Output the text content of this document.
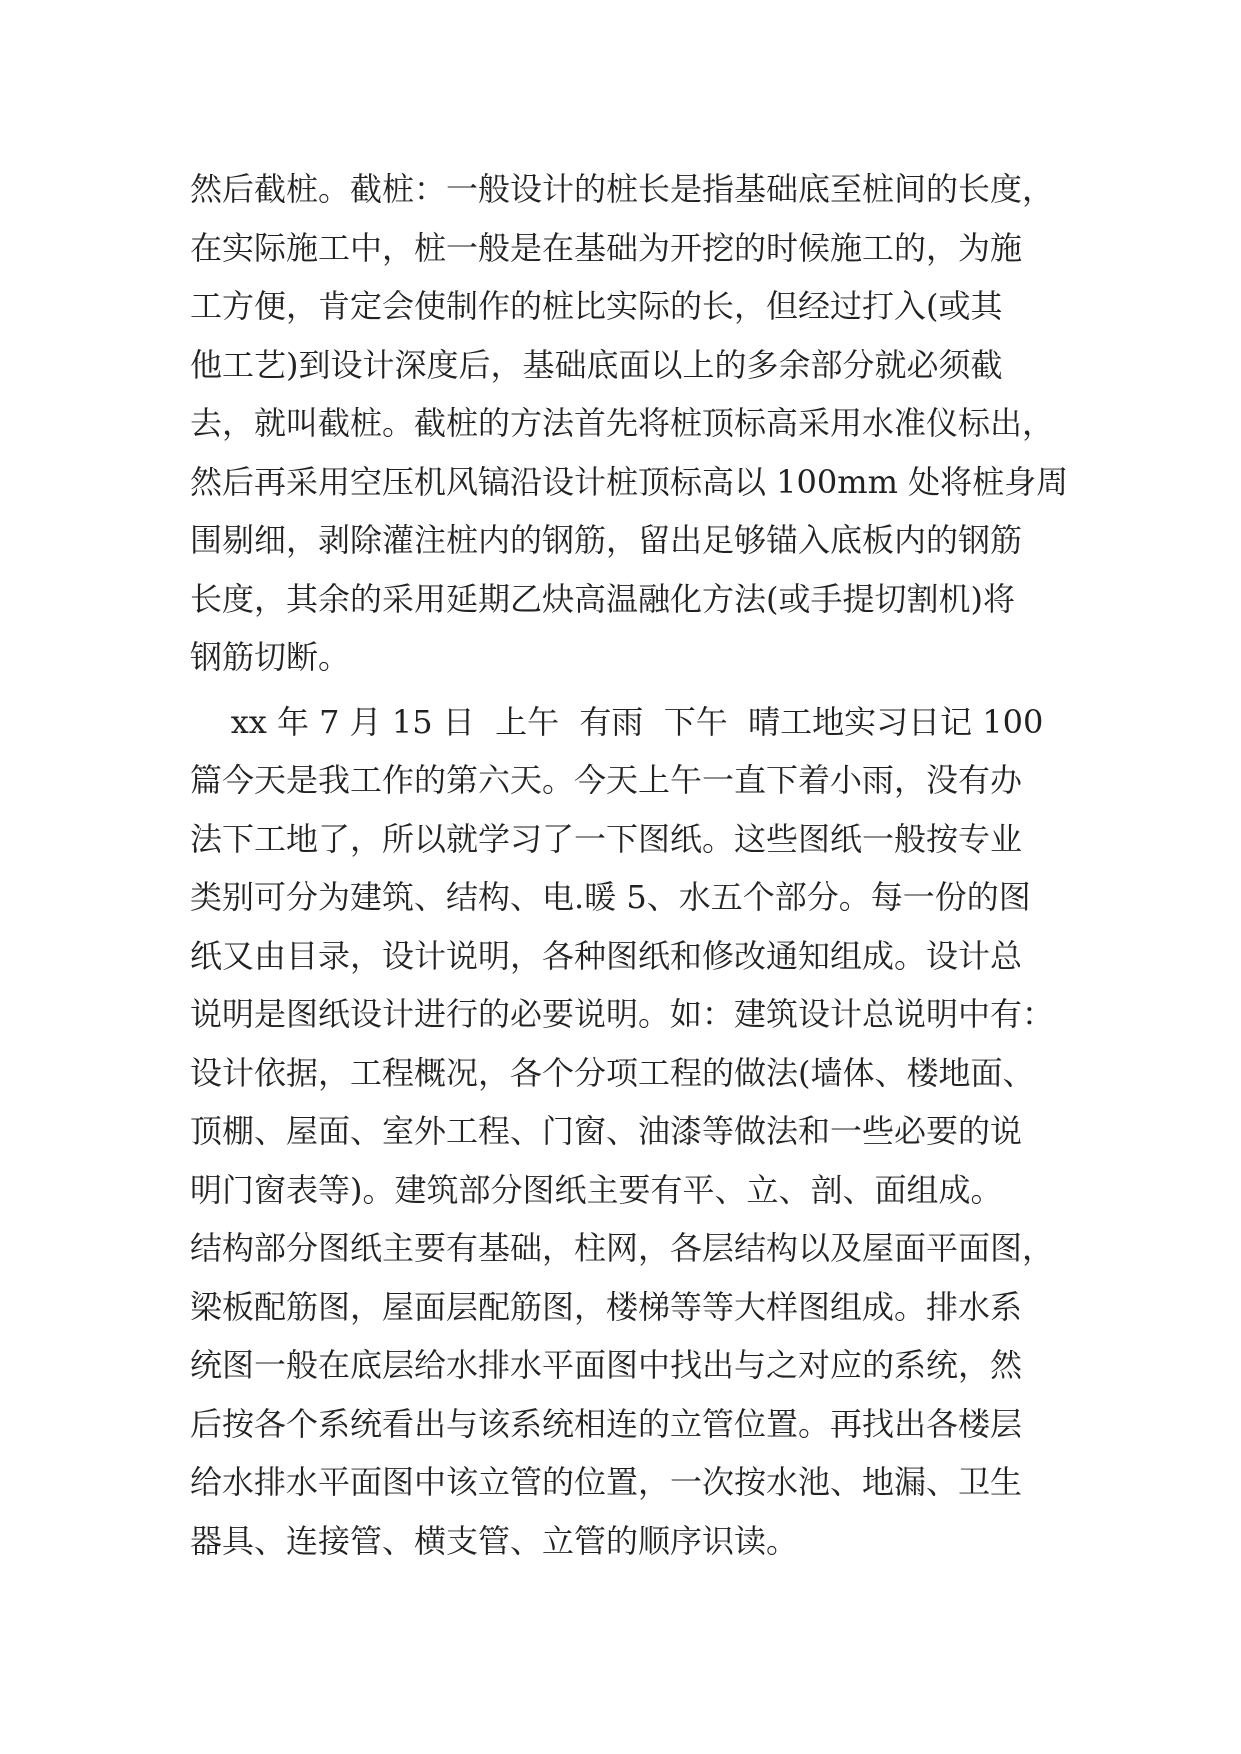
然后截桩。截桩：一般设计的桩长是指基础底至桩间的长度，
在实际施工中，桩一般是在基础为开挖的时候施工的，为施
工方便，肯定会使制作的桩比实际的长，但经过打入(或其
他工艺)到设计深度后，基础底面以上的多余部分就必须截
去，就叫截桩。截桩的方法首先将桩顶标高采用水准仪标出，
然后再采用空压机风镐沿设计桩顶标高以 100mm 处将桩身周
围剔细，剥除灌注桩内的钢筋，留出足够锚入底板内的钢筋
长度，其余的采用延期乙炔高温融化方法(或手提切割机)将
钢筋切断。
xx 年 7 月 15 日  上午  有雨  下午  晴工地实习日记 100
篇今天是我工作的第六天。今天上午一直下着小雨，没有办
法下工地了，所以就学习了一下图纸。这些图纸一般按专业
类别可分为建筑、结构、电.暖 5、水五个部分。每一份的图
纸又由目录，设计说明，各种图纸和修改通知组成。设计总
说明是图纸设计进行的必要说明。如：建筑设计总说明中有：
设计依据，工程概况，各个分项工程的做法(墙体、楼地面、
顶棚、屋面、室外工程、门窗、油漆等做法和一些必要的说
明门窗表等)。建筑部分图纸主要有平、立、剖、面组成。
结构部分图纸主要有基础，柱网，各层结构以及屋面平面图，
梁板配筋图，屋面层配筋图，楼梯等等大样图组成。排水系
统图一般在底层给水排水平面图中找出与之对应的系统，然
后按各个系统看出与该系统相连的立管位置。再找出各楼层
给水排水平面图中该立管的位置，一次按水池、地漏、卫生
器具、连接管、横支管、立管的顺序识读。
